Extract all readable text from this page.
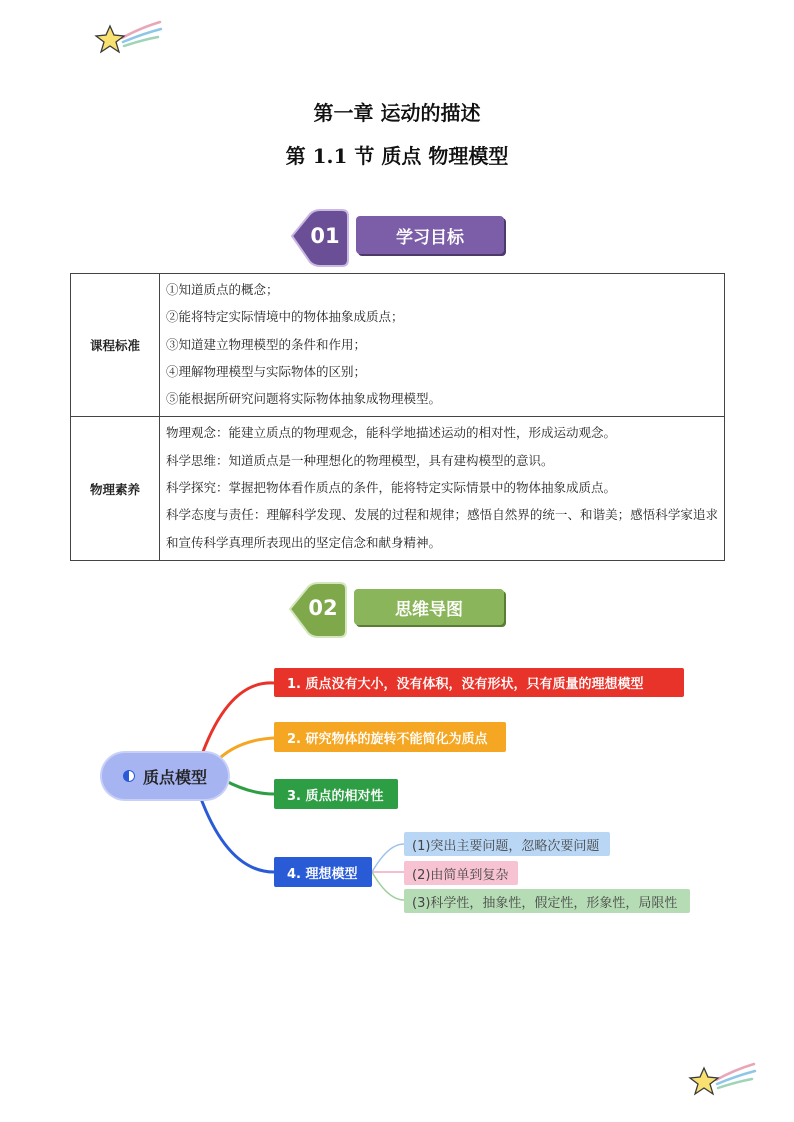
第一章 运动的描述
第 1.1 节 质点 物理模型
01	学习目标
课程标准	①知道质点的概念；
②能将特定实际情境中的物体抽象成质点；
③知道建立物理模型的条件和作用；
④理解物理模型与实际物体的区别；
⑤能根据所研究问题将实际物体抽象成物理模型。

物理素养	物理观念：能建立质点的物理观念，能科学地描述运动的相对性，形成运动观念。
科学思维：知道质点是一种理想化的物理模型，具有建构模型的意识。
科学探究：掌握把物体看作质点的条件，能将特定实际情景中的物体抽象成质点。
科学态度与责任：理解科学发现、发展的过程和规律；感悟自然界的统一、和谐美；感悟科学家追求和宣传科学真理所表现出的坚定信念和献身精神。
02	思维导图
质点模型
1. 质点没有大小，没有体积，没有形状，只有质量的理想模型
2. 研究物体的旋转不能简化为质点
3. 质点的相对性
4. 理想模型
(1)突出主要问题，忽略次要问题
(2)由简单到复杂
(3)科学性，抽象性，假定性，形象性，局限性
